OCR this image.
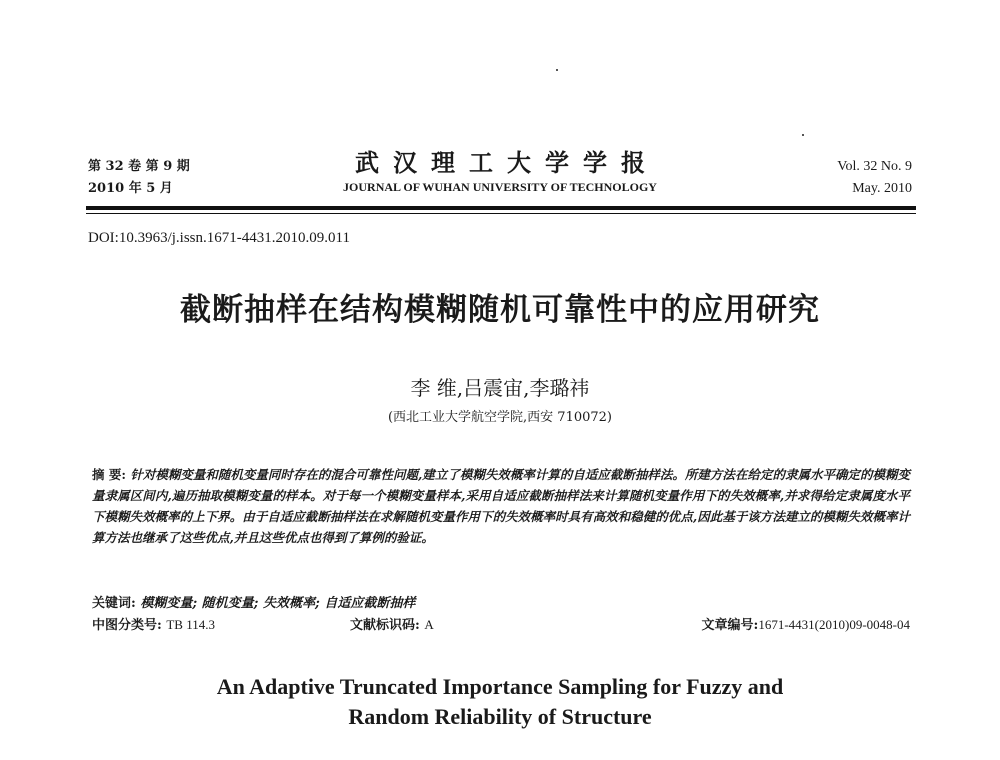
第 32 卷 第 9 期
2010 年 5 月
武汉理工大学学报
JOURNAL OF WUHAN UNIVERSITY OF TECHNOLOGY
Vol. 32 No. 9
May. 2010
DOI:10.3963/j.issn.1671-4431.2010.09.011
截断抽样在结构模糊随机可靠性中的应用研究
李 维,吕震宙,李璐祎
(西北工业大学航空学院,西安 710072)
摘 要: 针对模糊变量和随机变量同时存在的混合可靠性问题,建立了模糊失效概率计算的自适应截断抽样法。所建方法在给定的隶属水平确定的模糊变量隶属区间内,遍历抽取模糊变量的样本。对于每一个模糊变量样本,采用自适应截断抽样法来计算随机变量作用下的失效概率,并求得给定隶属度水平下模糊失效概率的上下界。由于自适应截断抽样法在求解随机变量作用下的失效概率时具有高效和稳健的优点,因此基于该方法建立的模糊失效概率计算方法也继承了这些优点,并且这些优点也得到了算例的验证。
关键词: 模糊变量; 随机变量; 失效概率; 自适应截断抽样
中图分类号: TB 114.3	文献标识码: A	文章编号:1671-4431(2010)09-0048-04
An Adaptive Truncated Importance Sampling for Fuzzy and
Random Reliability of Structure
